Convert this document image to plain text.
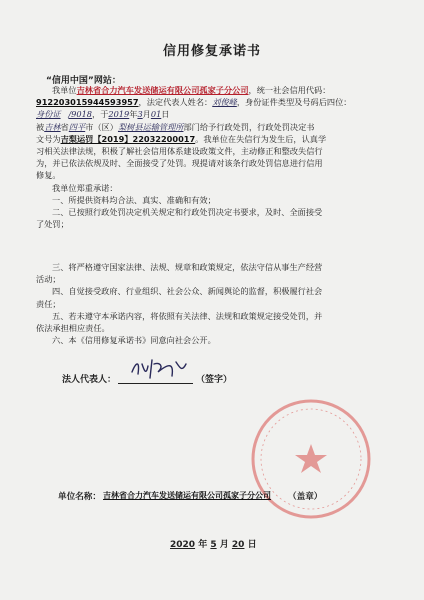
信用修复承诺书
“信用中国”网站：
我单位吉林省合力汽车发送储运有限公司孤家子分公司，统一社会信用代码：
912203015944593957，法定代表人姓名：刘俊峰，身份证件类型及号码后四位：
身份证 /9018，于2019年3月01日
被吉林省四平市（区）梨树县运输管理所部门给予行政处罚，行政处罚决定书
文号为吉梨运罚【2019】22032200017。我单位在失信行为发生后，认真学
习相关法律法规，积极了解社会信用体系建设政策文件，主动修正和整改失信行
为，并已依法依规及时、全面接受了处罚。现提请对该条行政处罚信息进行信用
修复。
我单位郑重承诺：
一、所提供资料均合法、真实、准确和有效；
二、已按照行政处罚决定机关规定和行政处罚决定书要求，及时、全面接受
了处罚；
三、将严格遵守国家法律、法规、规章和政策规定，依法守信从事生产经营
活动；
四、自觉接受政府、行业组织、社会公众、新闻舆论的监督，积极履行社会
责任；
五、若未遵守本承诺内容，将依照有关法律、法规和政策规定接受处罚，并
依法承担相应责任。
六、本《信用修复承诺书》同意向社会公开。
法人代表人：	（签字）
单位名称： 吉林省合力汽车发送储运有限公司孤家子分公司 （盖章）
2020 年 5 月 20 日
